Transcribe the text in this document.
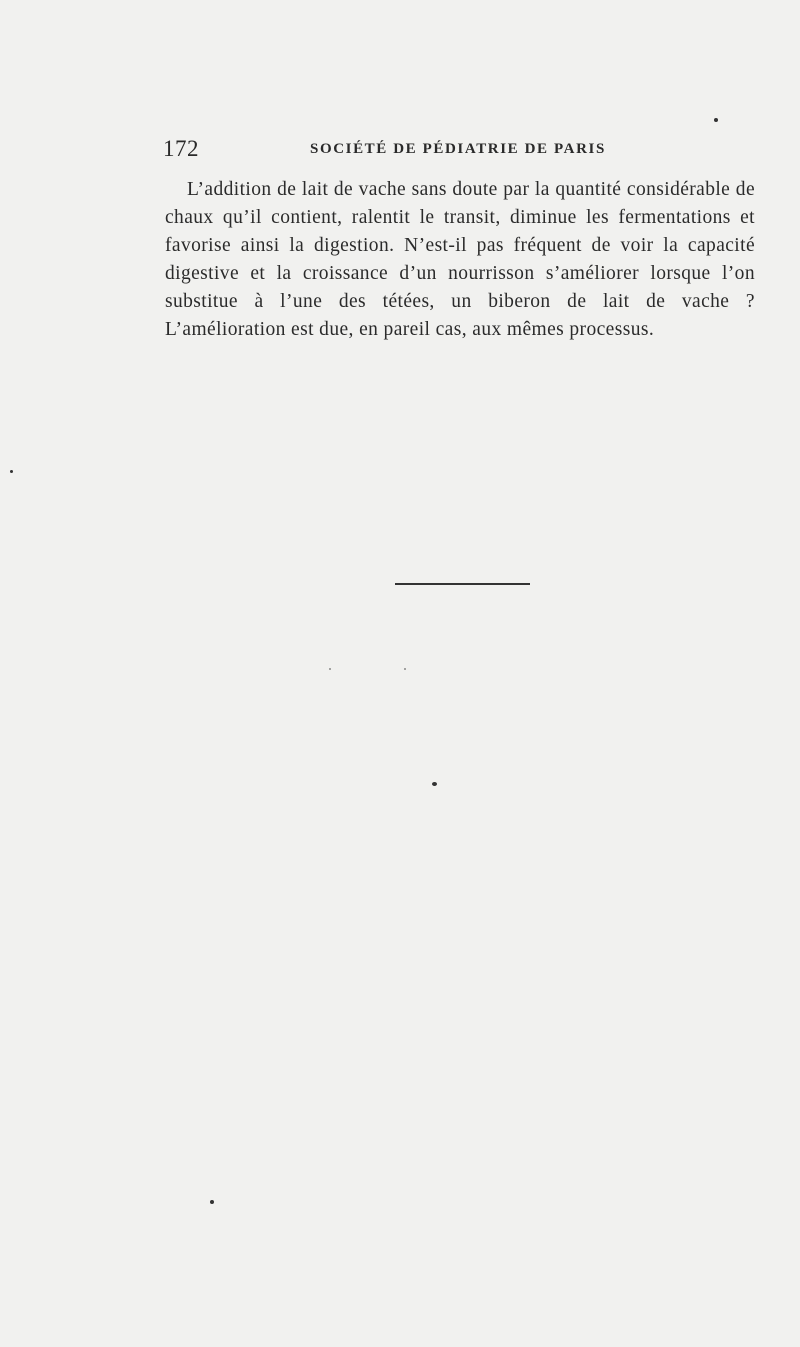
172	SOCIÉTÉ DE PÉDIATRIE DE PARIS

L’addition de lait de vache sans doute par la quantité considérable de chaux qu’il contient, ralentit le transit, diminue les fermentations et favorise ainsi la digestion. N’est-il pas fréquent de voir la capacité digestive et la croissance d’un nourrisson s’améliorer lorsque l’on substitue à l’une des tétées, un biberon de lait de vache ? L’amélioration est due, en pareil cas, aux mêmes processus.
